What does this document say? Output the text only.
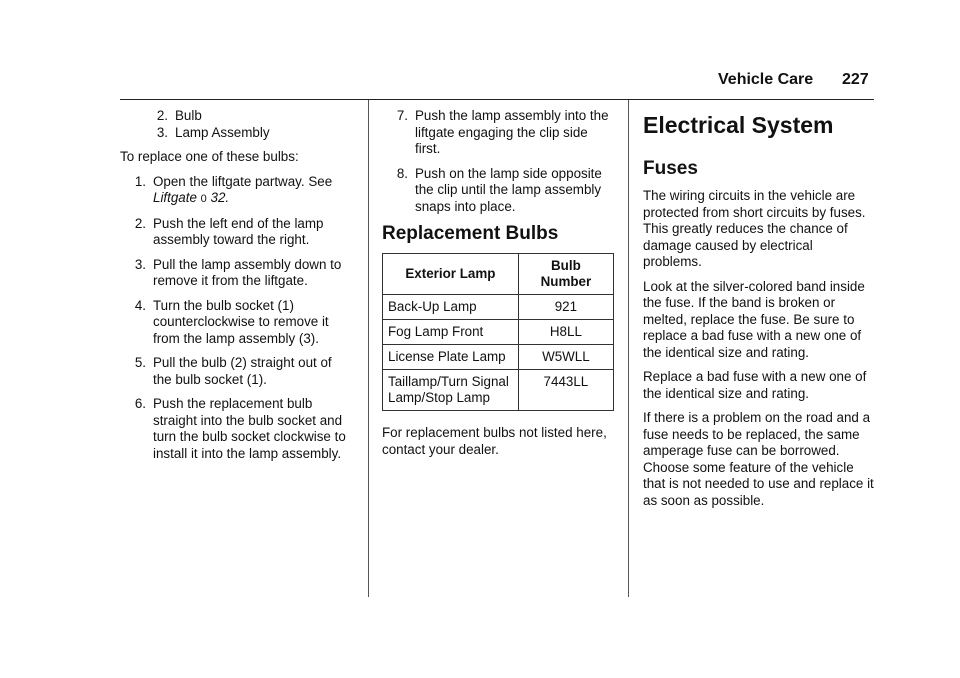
Vehicle Care 227
2. Bulb
3. Lamp Assembly

To replace one of these bulbs:

1. Open the liftgate partway. See
Liftgate 0 32.
2. Push the left end of the lamp assembly toward the right.
3. Pull the lamp assembly down to remove it from the liftgate.
4. Turn the bulb socket (1) counterclockwise to remove it from the lamp assembly (3).
5. Pull the bulb (2) straight out of the bulb socket (1).
6. Push the replacement bulb straight into the bulb socket and turn the bulb socket clockwise to install it into the lamp assembly.
7. Push the lamp assembly into the liftgate engaging the clip side first.
8. Push on the lamp side opposite the clip until the lamp assembly snaps into place.
Replacement Bulbs
Exterior Lamp	Bulb Number
Back-Up Lamp	921
Fog Lamp Front	H8LL
License Plate Lamp	W5WLL
Taillamp/Turn Signal Lamp/Stop Lamp	7443LL

For replacement bulbs not listed here, contact your dealer.

Electrical System
Fuses

The wiring circuits in the vehicle are protected from short circuits by fuses. This greatly reduces the chance of damage caused by electrical problems.

Look at the silver-colored band inside the fuse. If the band is broken or melted, replace the fuse. Be sure to replace a bad fuse with a new one of the identical size and rating.

Replace a bad fuse with a new one of the identical size and rating.

If there is a problem on the road and a fuse needs to be replaced, the same amperage fuse can be borrowed. Choose some feature of the vehicle that is not needed to use and replace it as soon as possible.
